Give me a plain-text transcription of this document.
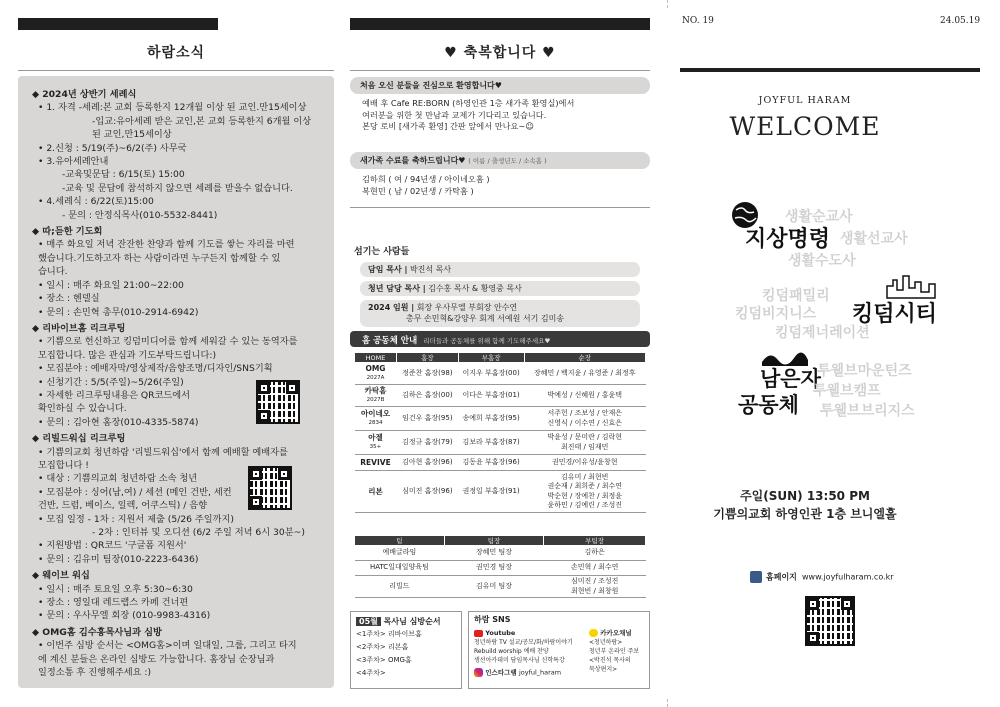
하람소식
◆ 2024년 상반기 세례식
• 1. 자격 -세례:본 교회 등록한지 12개월 이상 된 교인.만15세이상
-입교:유아세례 받은 교인,본 교회 등록한지 6개월 이상
된 교인,만15세이상
• 2.신청 : 5/19(주)~6/2(주) 사무국
• 3.유아세례안내
-교육및문답 : 6/15(토) 15:00
-교육 및 문답에 참석하지 않으면 세례를 받을수 없습니다.
• 4.세례식 : 6/22(토)15:00
- 문의 : 안정식목사(010-5532-8441)
◆ 따;듣한 기도회
• 매주 화요일 저녁 잔잔한 찬양과 함께 기도를 쌓는 자리를 마련
했습니다.기도하고자 하는 사람이라면 누구든지 함께할 수 있
습니다.
• 일시 : 매주 화요일 21:00~22:00
• 장소 : 헨델실
• 문의 : 손민혁 총무(010-2914-6942)
◆ 리바이브홈 리크루팅
• 기쁨으로 헌신하고 킹덤미디어를 함께 세워갈 수 있는 동역자를
모집합니다. 많은 관심과 기도부탁드립니다:)
• 모집분야 : 예배자막/영상제작/음향조명/디자인/SNS기획
• 신청기간 : 5/5(주일)~5/26(주일)
• 자세한 리크루팅내용은 QR코드에서
확인하실 수 있습니다.
• 문의 : 김아현 홈장(010-4335-5874)
◆ 리빌드워십 리크루팅
• 기쁨의교회 청년하람 '리빌드워십'에서 함께 예배할 예배자를
모집합니다 !
• 대상 : 기쁨의교회 청년하람 소속 청년
• 모집분야 : 싱어(남,여) / 세션 (메인 건반, 세컨
건반, 드럼, 베이스, 일렉, 어쿠스틱) / 음향
• 모집 일정 - 1차 : 지원서 제출 (5/26 주일까지)
- 2차 : 인터뷰 및 오디션 (6/2 주일 저녁 6시 30분~)
• 지원방법 : QR코드 '구글폼 지원서'
• 문의 : 김유미 팀장(010-2223-6436)
◆ 웨이브 워십
• 일시 : 매주 토요일 오후 5:30~6:30
• 장소 : 영일대 레드랩스 카페 건너편
• 문의 : 우사무엘 회장 (010-9983-4316)
◆ OMG홈 김수홍목사님과 심방
• 이번주 심방 순서는 <OMG홈>이며 일대일, 그룹, 그리고 타지
에 계신 분들은 온라인 심방도 가능합니다. 홈장님 순장님과
일정소통 후 진행해주세요 :)
♥ 축복합니다 ♥
처음 오신 분들을 진심으로 환영합니다♥
예배 후 Cafe RE:BORN (하영인관 1층 새가족 환영실)에서
여러분을 위한 첫 만남과 교제가 기다리고 있습니다.
본당 로비 [새가족 환영] 간판 앞에서 만나요~☺
새가족 수료를 축하드립니다♥ ( 이름 / 출생년도 / 소속홈 )
김하희 ( 여 / 94년생 / 아이네오홈 )
복현민 ( 남 / 02년생 / 카탁홈 )
섬기는 사람들
담임 목사 | 박진석 목사
청년 담당 목사 | 김수홍 목사 & 황영중 목사
2024 임원 | 회장 우사무엘 부회장 안수연
총무 손민혁&강양우 회계 서예원 서기 김미송
홈 공동체 안내 리더들과 공동체를 위해 함께 기도해주세요♥
HOME	홈장	부홈장	순장
OMG
2027A	정준찬 홈장(98)	이지우 부홈장(00)	장혜민 / 백지윤 / 유영준 / 최정후
카탁홈
2027B	김하은 홈장(00)	이다은 부홈장(01)	박예성 / 신혜원 / 홍윤택
아이네오
2834	임건우 홈장(95)	송예희 부홈장(95)	서주헌 / 조보성 / 안재은
신영식 / 이수연 / 신효은
아젤
35+	김정규 홈장(79)	김보라 부홈장(87)	박윤성 / 문미란 / 김락현
최진태 / 임재민
REVIVE	김아현 홈장(96)	김동윤 부홈장(96)	권민경/이유성/윤창현
리본	심미진 홈장(96)	권정일 부홈장(91)	김유미 / 최현빈
권순재 / 최희준 / 최수연
박순현 / 장예찬 / 최정윤
윤하민 / 김예린 / 조성진
팀	팀장	부팀장
예배글라임	장혜민 팀장	김하은
HATC일대일양육팀	권민경 팀장	손민혁 / 최수연
리빌드	김유미 팀장	심미진 / 조성진
최현빈 / 최창원
05월 목사님 심방순서
<1주차> 리바이브홈
<2주차> 리본홈
<3주차> OMG홈
<4주차>
하람 SNS
Youtube
청년하람 TV 설교/공모/화/하람이야기
Rebuild worship 예배 찬양
생선아카데미 담임목사님 신학특강
인스타그램 joyful_haram
카카오채널
<청년하람>
청년부 온라인 주보
<박진석 목사의
묵상편지>
NO. 19	24.05.19
JOYFUL HARAM
WELCOME
생활순교사
지상명령 생활선교사
생활수도사
킹덤패밀리
킹덤비지니스 킹덤시티
킹덤제너레이션
남은자
공동체
투웰브마운틴즈
투웰브캠프
투웰브브리지스
주일(SUN) 13:50 PM
기쁨의교회 하영인관 1층 브니엘홀
홈페이지 www.joyfulharam.co.kr
